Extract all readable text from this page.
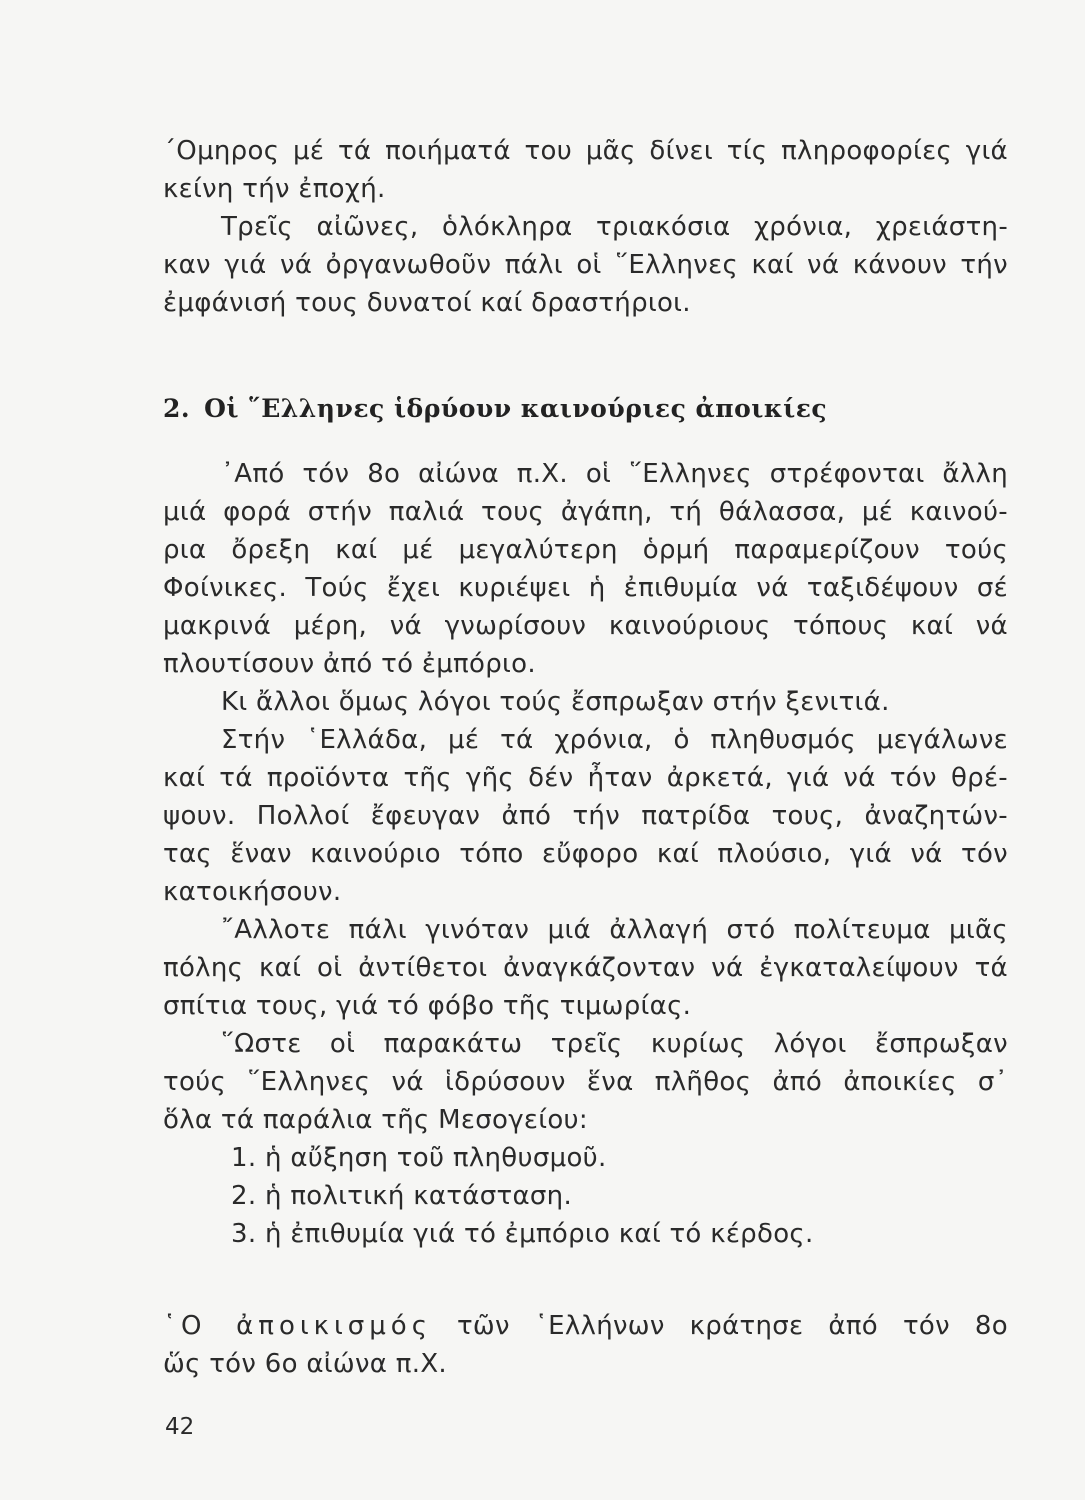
΄Ομηρος μέ τά ποιήματά του μᾶς δίνει τίς πληροφορίες γιά
κείνη τήν ἐποχή.
Τρεῖς αἰῶνες, ὁλόκληρα τριακόσια χρόνια, χρειάστη-
καν γιά νά ὀργανωθοῦν πάλι οἱ ῞Ελληνες καί νά κάνουν τήν
ἐμφάνισή τους δυνατοί καί δραστήριοι.
2. Οἱ ῞Ελληνες ἱδρύουν καινούριες ἀποικίες
᾿Από τόν 8ο αἰώνα π.Χ. οἱ ῞Ελληνες στρέφονται ἄλλη
μιά φορά στήν παλιά τους ἀγάπη, τή θάλασσα, μέ καινού-
ρια ὄρεξη καί μέ μεγαλύτερη ὁρμή παραμερίζουν τούς
Φοίνικες. Τούς ἔχει κυριέψει ἡ ἐπιθυμία νά ταξιδέψουν σέ
μακρινά μέρη, νά γνωρίσουν καινούριους τόπους καί νά
πλουτίσουν ἀπό τό ἐμπόριο.
Κι ἄλλοι ὅμως λόγοι τούς ἔσπρωξαν στήν ξενιτιά.
Στήν ῾Ελλάδα, μέ τά χρόνια, ὁ πληθυσμός μεγάλωνε
καί τά προϊόντα τῆς γῆς δέν ἦταν ἀρκετά, γιά νά τόν θρέ-
ψουν. Πολλοί ἔφευγαν ἀπό τήν πατρίδα τους, ἀναζητών-
τας ἕναν καινούριο τόπο εὔφορο καί πλούσιο, γιά νά τόν
κατοικήσουν.
῎Αλλοτε πάλι γινόταν μιά ἀλλαγή στό πολίτευμα μιᾶς
πόλης καί οἱ ἀντίθετοι ἀναγκάζονταν νά ἐγκαταλείψουν τά
σπίτια τους, γιά τό φόβο τῆς τιμωρίας.
῞Ωστε οἱ παρακάτω τρεῖς κυρίως λόγοι ἔσπρωξαν
τούς ῞Ελληνες νά ἱδρύσουν ἕνα πλῆθος ἀπό ἀποικίες σ᾿
ὅλα τά παράλια τῆς Μεσογείου:
1. ἡ αὔξηση τοῦ πληθυσμοῦ.
2. ἡ πολιτική κατάσταση.
3. ἡ ἐπιθυμία γιά τό ἐμπόριο καί τό κέρδος.
῾Ο ἀποικισμός τῶν ῾Ελλήνων κράτησε ἀπό τόν 8ο
ὥς τόν 6ο αἰώνα π.Χ.
42
